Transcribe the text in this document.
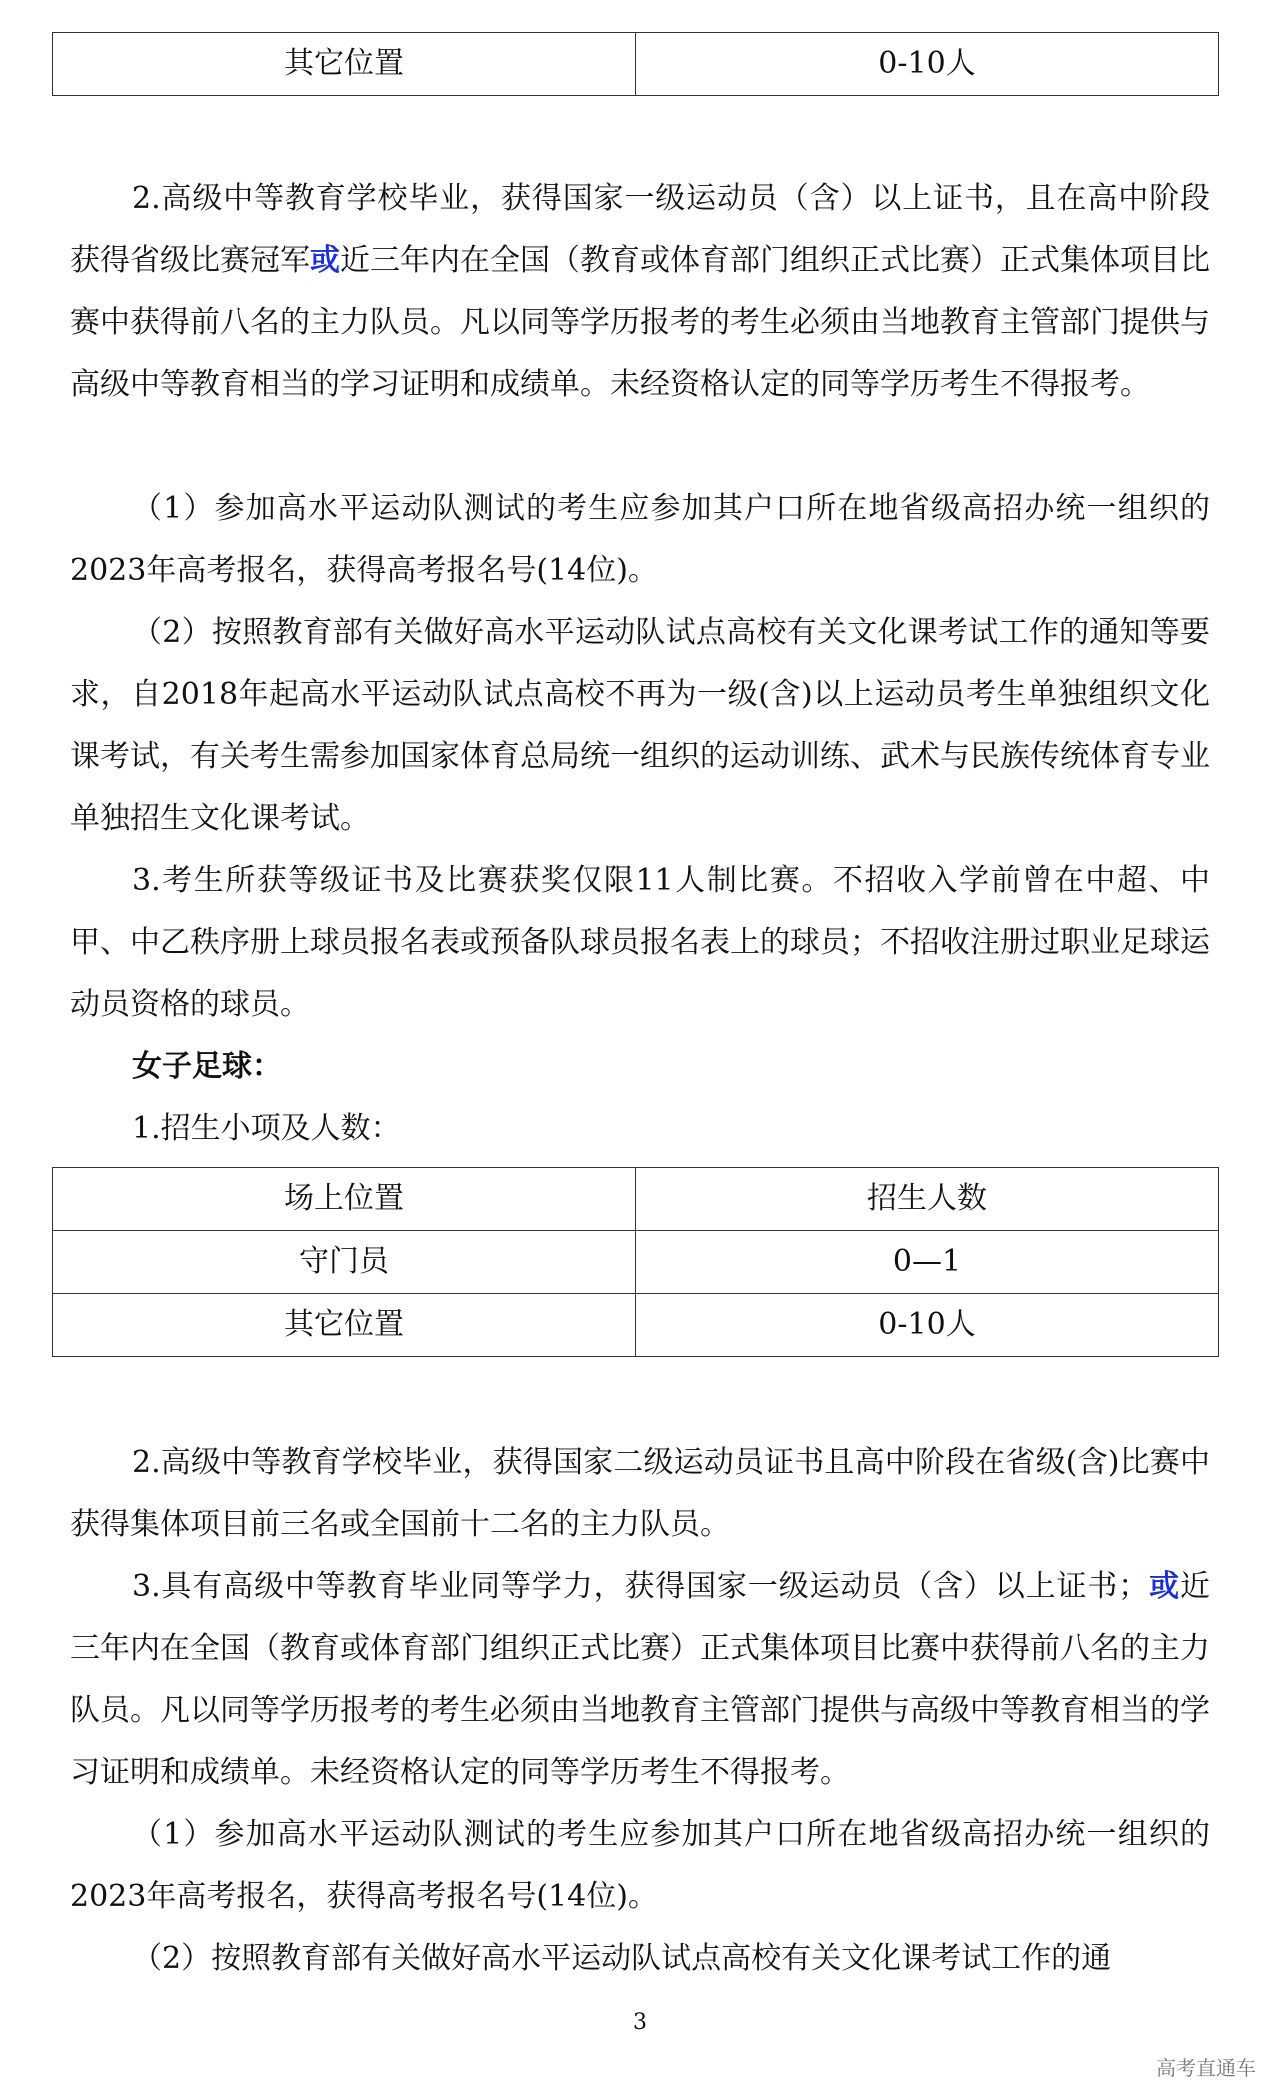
其它位置	0-10人

2.高级中等教育学校毕业，获得国家一级运动员（含）以上证书，且在高中阶段获得省级比赛冠军或近三年内在全国（教育或体育部门组织正式比赛）正式集体项目比赛中获得前八名的主力队员。凡以同等学历报考的考生必须由当地教育主管部门提供与高级中等教育相当的学习证明和成绩单。未经资格认定的同等学历考生不得报考。

（1）参加高水平运动队测试的考生应参加其户口所在地省级高招办统一组织的2023年高考报名，获得高考报名号(14位)。

（2）按照教育部有关做好高水平运动队试点高校有关文化课考试工作的通知等要求，自2018年起高水平运动队试点高校不再为一级(含)以上运动员考生单独组织文化课考试，有关考生需参加国家体育总局统一组织的运动训练、武术与民族传统体育专业单独招生文化课考试。

3.考生所获等级证书及比赛获奖仅限11人制比赛。不招收入学前曾在中超、中甲、中乙秩序册上球员报名表或预备队球员报名表上的球员；不招收注册过职业足球运动员资格的球员。

女子足球：

1.招生小项及人数：

场上位置	招生人数
守门员	0—1
其它位置	0-10人

2.高级中等教育学校毕业，获得国家二级运动员证书且高中阶段在省级(含)比赛中获得集体项目前三名或全国前十二名的主力队员。

3.具有高级中等教育毕业同等学力，获得国家一级运动员（含）以上证书；或近三年内在全国（教育或体育部门组织正式比赛）正式集体项目比赛中获得前八名的主力队员。凡以同等学历报考的考生必须由当地教育主管部门提供与高级中等教育相当的学习证明和成绩单。未经资格认定的同等学历考生不得报考。

（1）参加高水平运动队测试的考生应参加其户口所在地省级高招办统一组织的2023年高考报名，获得高考报名号(14位)。

（2）按照教育部有关做好高水平运动队试点高校有关文化课考试工作的通

3
高考直通车
